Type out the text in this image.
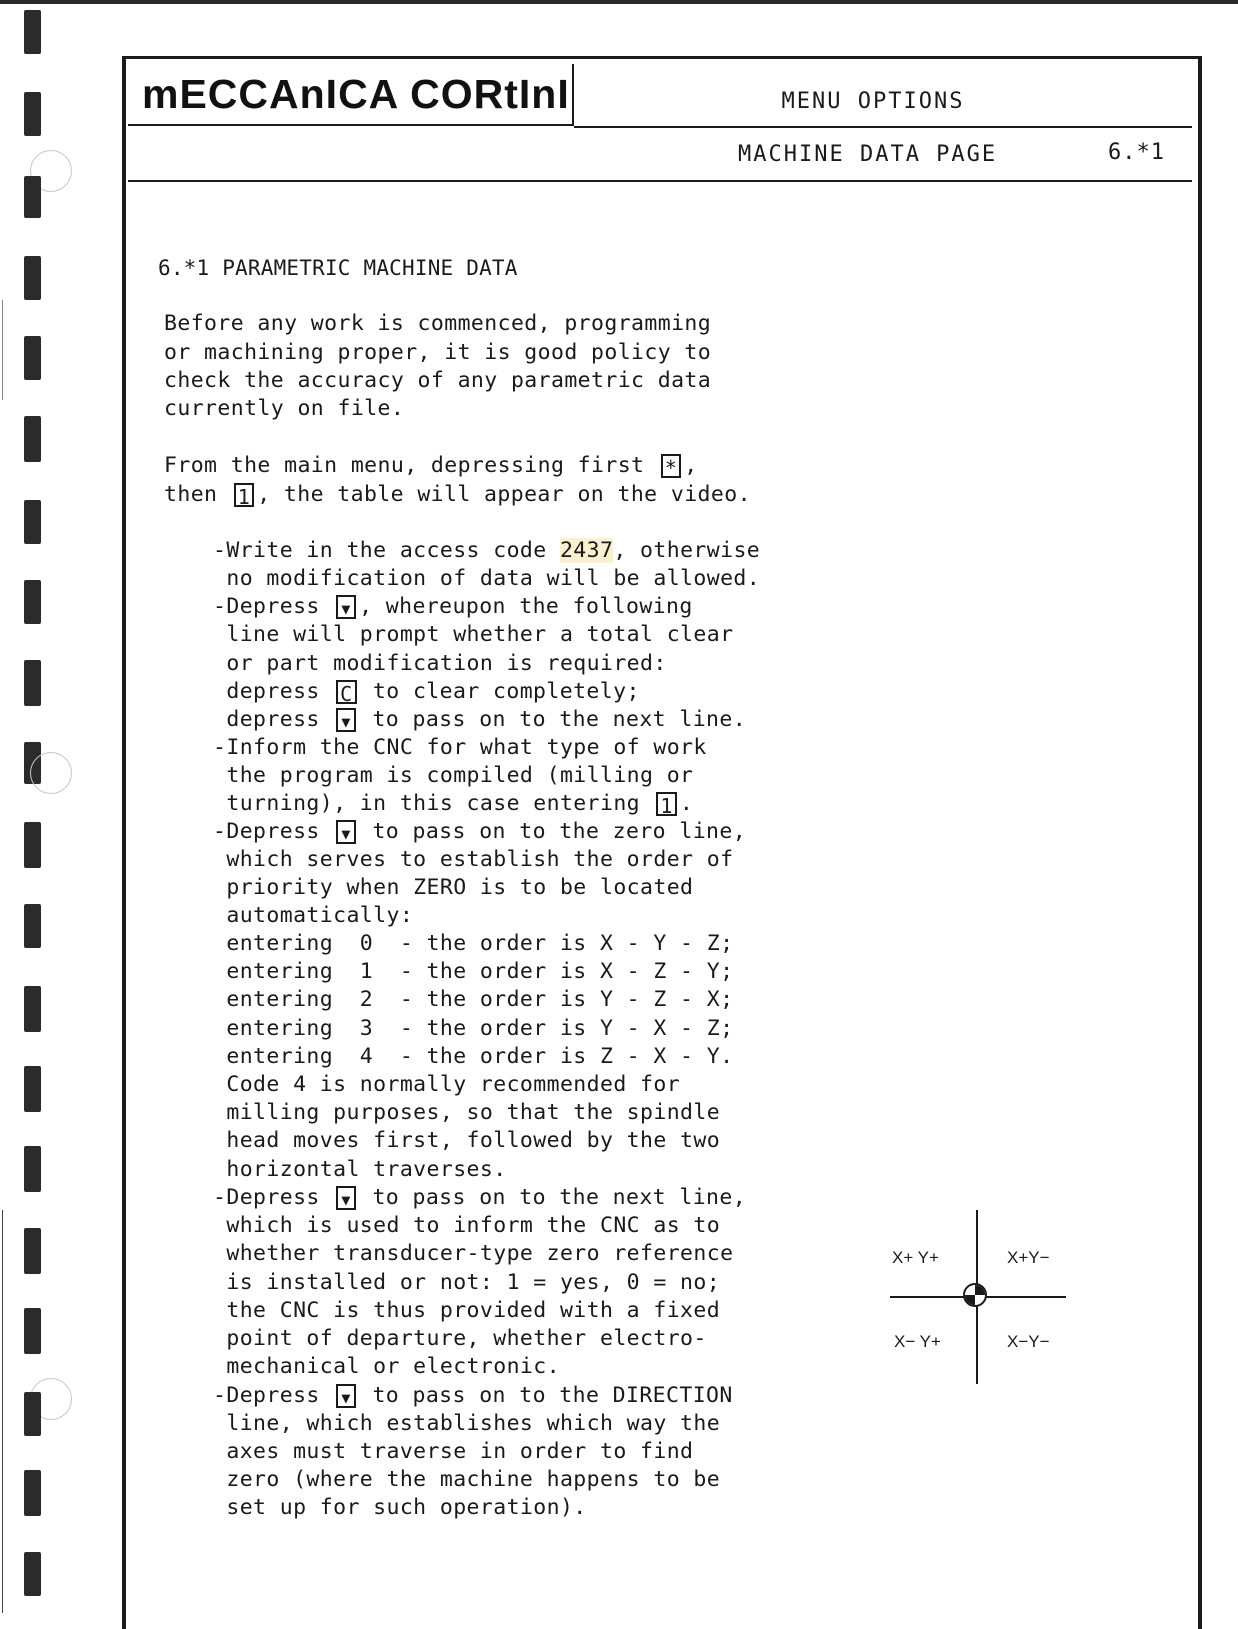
mECCAnICA CORtInI	MENU OPTIONS
MACHINE DATA PAGE	6.*1
6.*1 PARAMETRIC MACHINE DATA
Before any work is commenced, programming
or machining proper, it is good policy to
check the accuracy of any parametric data
currently on file.
From the main menu, depressing first * ,
then 1 , the table will appear on the video.
-Write in the access code 2437, otherwise
no modification of data will be allowed.
-Depress ▼ , whereupon the following
line will prompt whether a total clear
or part modification is required:
depress C to clear completely;
depress ▼ to pass on to the next line.
-Inform the CNC for what type of work
the program is compiled (milling or
turning), in this case entering 1 .
-Depress ▼ to pass on to the zero line,
which serves to establish the order of
priority when ZERO is to be located
automatically:
entering  0  - the order is X - Y - Z;
entering  1  - the order is X - Z - Y;
entering  2  - the order is Y - Z - X;
entering  3  - the order is Y - X - Z;
entering  4  - the order is Z - X - Y.
Code 4 is normally recommended for
milling purposes, so that the spindle
head moves first, followed by the two
horizontal traverses.
-Depress ▼ to pass on to the next line,
which is used to inform the CNC as to
whether transducer-type zero reference
is installed or not: 1 = yes, 0 = no;
the CNC is thus provided with a fixed
point of departure, whether electro-
mechanical or electronic.
-Depress ▼ to pass on to the DIRECTION
line, which establishes which way the
axes must traverse in order to find
zero (where the machine happens to be
set up for such operation).
X+ Y+	X+Y−
X− Y+	X−Y−
